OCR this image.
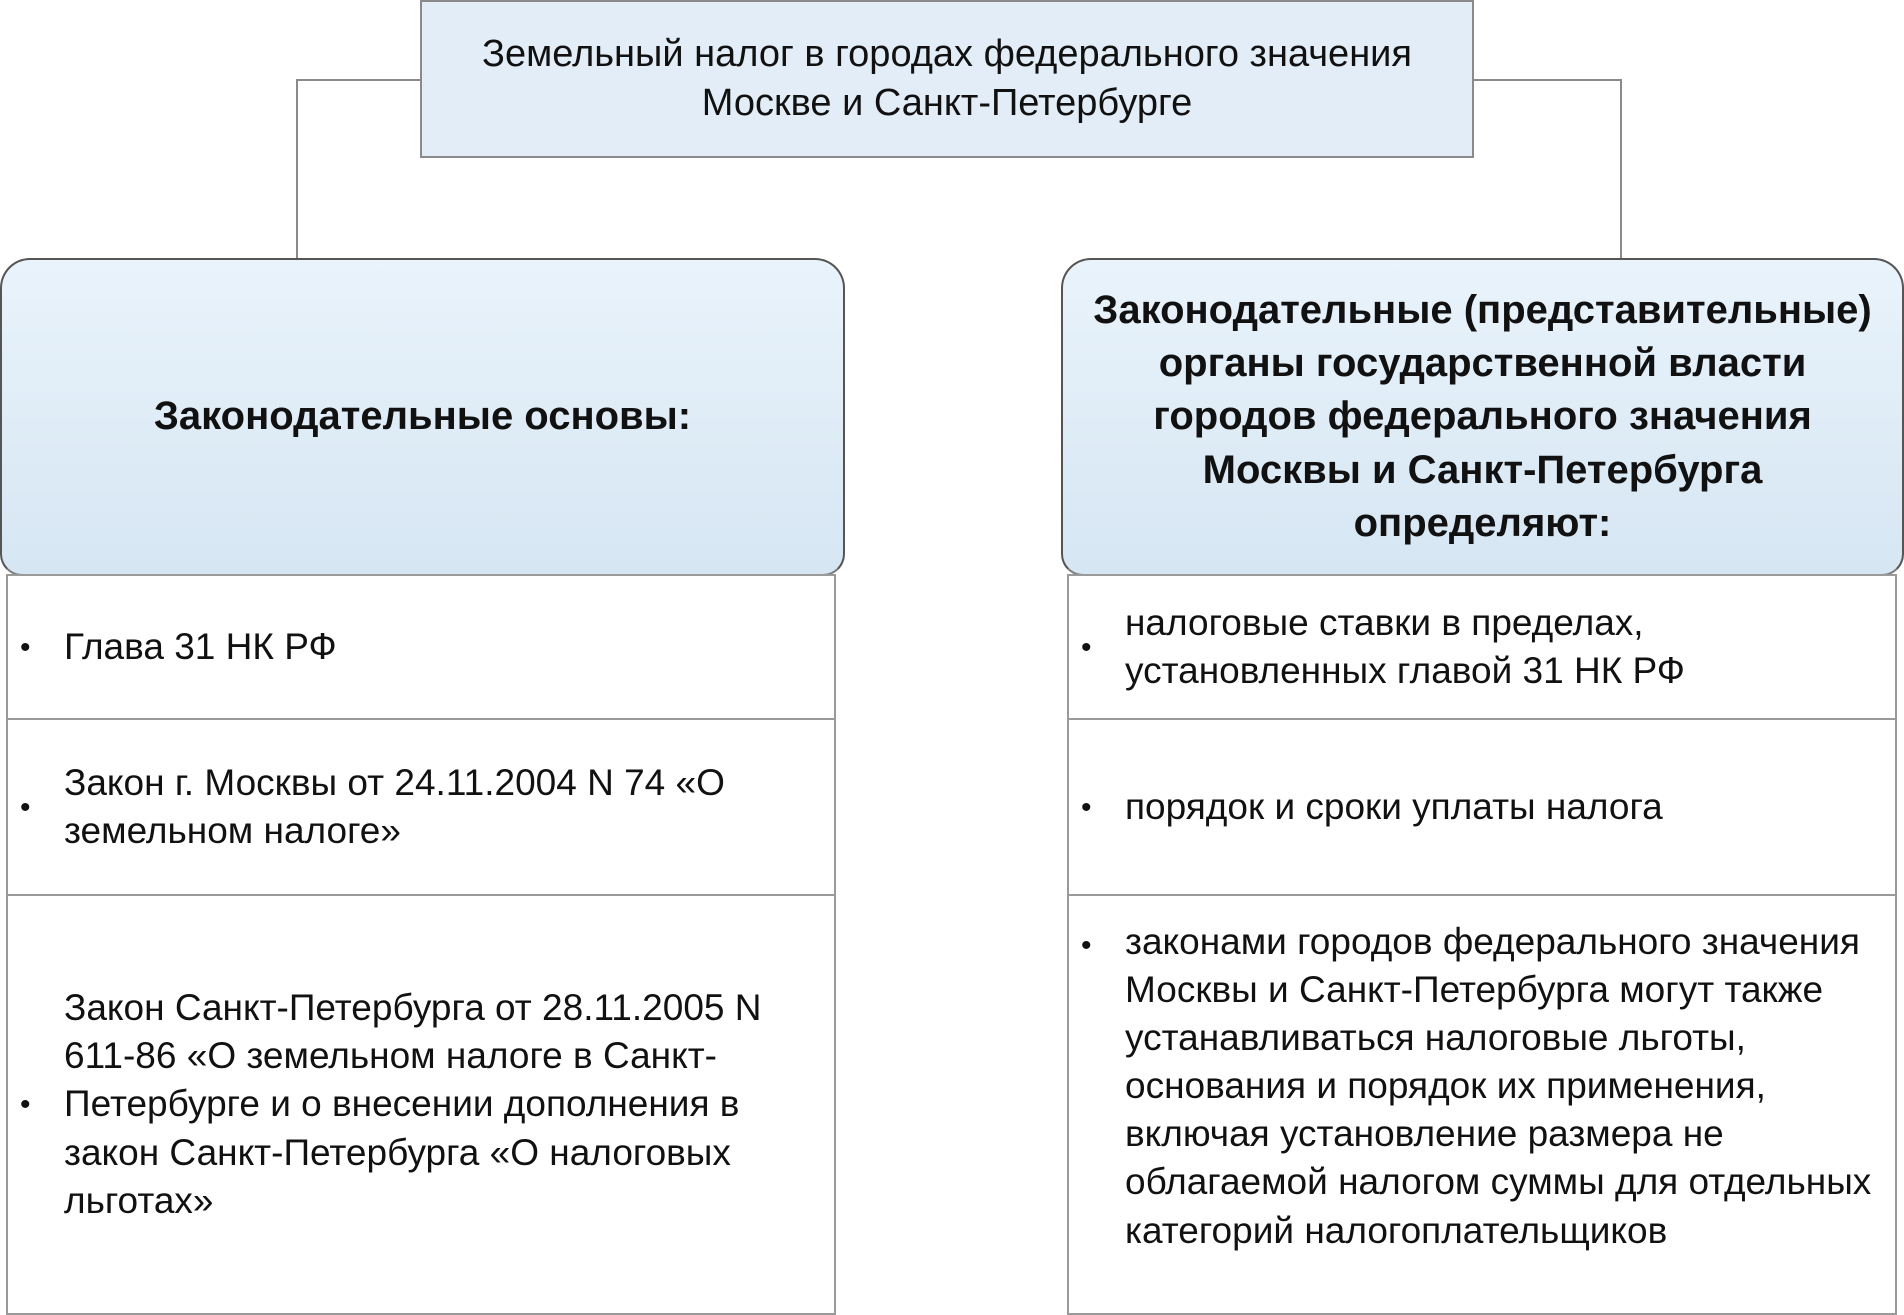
Земельный налог в городах федерального значения Москве и Санкт-Петербурге
Законодательные основы:
Законодательные (представительные) органы государственной власти городов федерального значения Москвы и Санкт-Петербурга определяют:
• Глава 31 НК РФ
•
Закон г. Москвы от 24.11.2004 N 74 «О земельном налоге»
•
Закон Санкт-Петербурга от 28.11.2005 N 611-86 «О земельном налоге в Санкт-Петербурге и о внесении дополнения в закон Санкт-Петербурга «О налоговых льготах»
•
налоговые ставки в пределах, установленных главой 31 НК РФ
• порядок и сроки уплаты налога
• законами городов федерального значения Москвы и Санкт-Петербурга могут также устанавливаться налоговые льготы, основания и порядок их применения, включая установление размера не облагаемой налогом суммы для отдельных категорий налогоплательщиков
